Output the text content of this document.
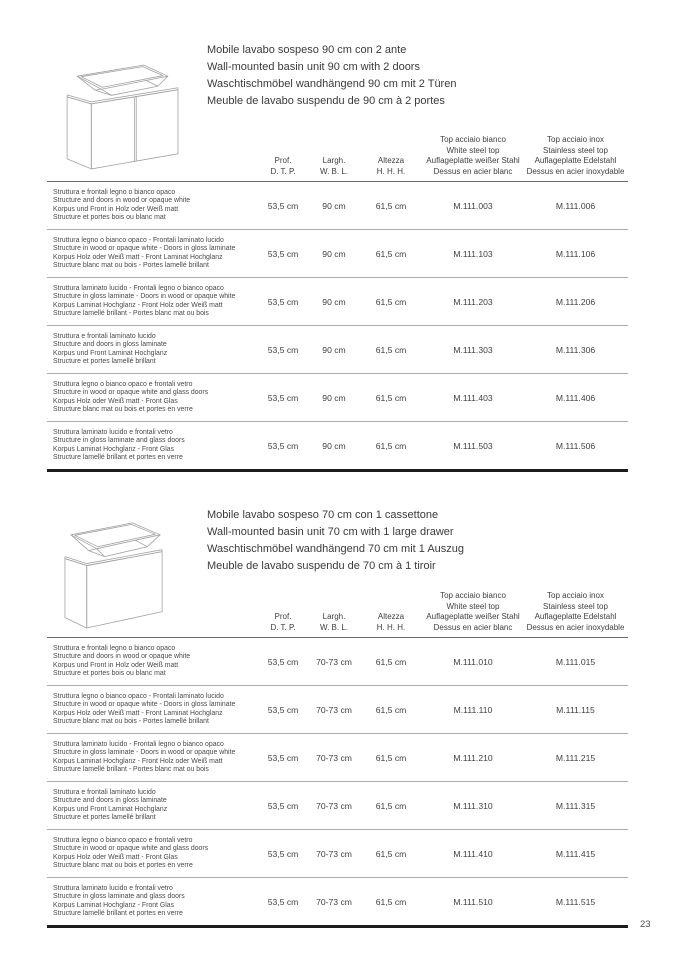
Mobile lavabo sospeso 90 cm con 2 ante
Wall-mounted basin unit 90 cm with 2 doors
Waschtischmöbel wandhängend 90 cm mit 2 Türen
Meuble de lavabo suspendu de 90 cm à 2 portes
Prof.
D. T. P.
Largh.
W. B. L.
Altezza
H. H. H.
Top acciaio bianco
White steel top
Auflageplatte weißer Stahl
Dessus en acier blanc
Top acciaio inox
Stainless steel top
Auflageplatte Edelstahl
Dessus en acier inoxydable
Struttura e frontali legno o bianco opaco
Structure and doors in wood or opaque white
Korpus und Front in Holz oder Weiß matt
Structure et portes bois ou blanc mat
53,5 cm	90 cm	61,5 cm	M.111.003	M.111.006
Struttura legno o bianco opaco - Frontali laminato lucido
Structure in wood or opaque white - Doors in gloss laminate
Korpus Holz oder Weiß matt - Front Laminat Hochglanz
Structure blanc mat ou bois - Portes lamellé brillant
53,5 cm	90 cm	61,5 cm	M.111.103	M.111.106
Struttura laminato lucido - Frontali legno o bianco opaco
Structure in gloss laminate - Doors in wood or opaque white
Korpus Laminat Hochglanz - Front Holz oder Weiß matt
Structure lamellé brillant - Portes blanc mat ou bois
53,5 cm	90 cm	61,5 cm	M.111.203	M.111.206
Struttura e frontali laminato lucido
Structure and doors in gloss laminate
Korpus und Front Laminat Hochglanz
Structure et portes lamellé brillant
53,5 cm	90 cm	61,5 cm	M.111.303	M.111.306
Struttura legno o bianco opaco e frontali vetro
Structure in wood or opaque white and glass doors
Korpus Holz oder Weiß matt - Front Glas
Structure blanc mat ou bois et portes en verre
53,5 cm	90 cm	61,5 cm	M.111.403	M.111.406
Struttura laminato lucido e frontali vetro
Structure in gloss laminate and glass doors
Korpus Laminat Hochglanz - Front Glas
Structure lamellé brillant et portes en verre
53,5 cm	90 cm	61,5 cm	M.111.503	M.111.506
Mobile lavabo sospeso 70 cm con 1 cassettone
Wall-mounted basin unit 70 cm with 1 large drawer
Waschtischmöbel wandhängend 70 cm mit 1 Auszug
Meuble de lavabo suspendu de 70 cm à 1 tiroir
Prof.
D. T. P.
Largh.
W. B. L.
Altezza
H. H. H.
Top acciaio bianco
White steel top
Auflageplatte weißer Stahl
Dessus en acier blanc
Top acciaio inox
Stainless steel top
Auflageplatte Edelstahl
Dessus en acier inoxydable
Struttura e frontali legno o bianco opaco
Structure and doors in wood or opaque white
Korpus und Front in Holz oder Weiß matt
Structure et portes bois ou blanc mat
53,5 cm	70-73 cm	61,5 cm	M.111.010	M.111.015
Struttura legno o bianco opaco - Frontali laminato lucido
Structure in wood or opaque white - Doors in gloss laminate
Korpus Holz oder Weiß matt - Front Laminat Hochglanz
Structure blanc mat ou bois - Portes lamellé brillant
53,5 cm	70-73 cm	61,5 cm	M.111.110	M.111.115
Struttura laminato lucido - Frontali legno o bianco opaco
Structure in gloss laminate - Doors in wood or opaque white
Korpus Laminat Hochglanz - Front Holz oder Weiß matt
Structure lamellé brillant - Portes blanc mat ou bois
53,5 cm	70-73 cm	61,5 cm	M.111.210	M.111.215
Struttura e frontali laminato lucido
Structure and doors in gloss laminate
Korpus und Front Laminat Hochglanz
Structure et portes lamellé brillant
53,5 cm	70-73 cm	61,5 cm	M.111.310	M.111.315
Struttura legno o bianco opaco e frontali vetro
Structure in wood or opaque white and glass doors
Korpus Holz oder Weiß matt - Front Glas
Structure blanc mat ou bois et portes en verre
53,5 cm	70-73 cm	61,5 cm	M.111.410	M.111.415
Struttura laminato lucido e frontali vetro
Structure in gloss laminate and glass doors
Korpus Laminat Hochglanz - Front Glas
Structure lamellé brillant et portes en verre
53,5 cm	70-73 cm	61,5 cm	M.111.510	M.111.515
23
